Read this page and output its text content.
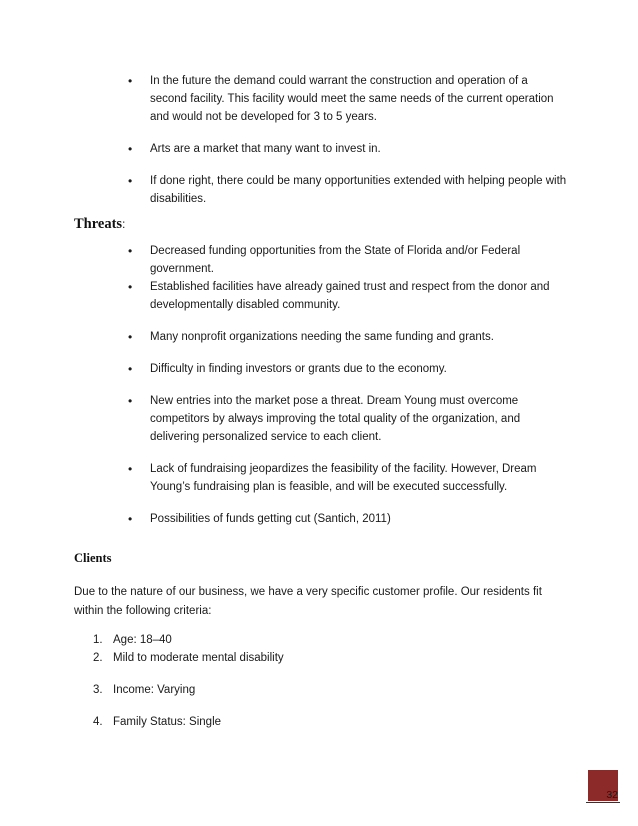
• In the future the demand could warrant the construction and operation of a second facility. This facility would meet the same needs of the current operation and would not be developed for 3 to 5 years.
• Arts are a market that many want to invest in.
• If done right, there could be many opportunities extended with helping people with disabilities.
Threats:
• Decreased funding opportunities from the State of Florida and/or Federal government.
• Established facilities have already gained trust and respect from the donor and developmentally disabled community.
• Many nonprofit organizations needing the same funding and grants.
• Difficulty in finding investors or grants due to the economy.
• New entries into the market pose a threat. Dream Young must overcome competitors by always improving the total quality of the organization, and delivering personalized service to each client.
• Lack of fundraising jeopardizes the feasibility of the facility. However, Dream Young’s fundraising plan is feasible, and will be executed successfully.
• Possibilities of funds getting cut (Santich, 2011)
Clients

Due to the nature of our business, we have a very specific customer profile. Our residents fit within the following criteria:

1. Age: 18–40
2. Mild to moderate mental disability
3. Income: Varying
4. Family Status: Single
32
